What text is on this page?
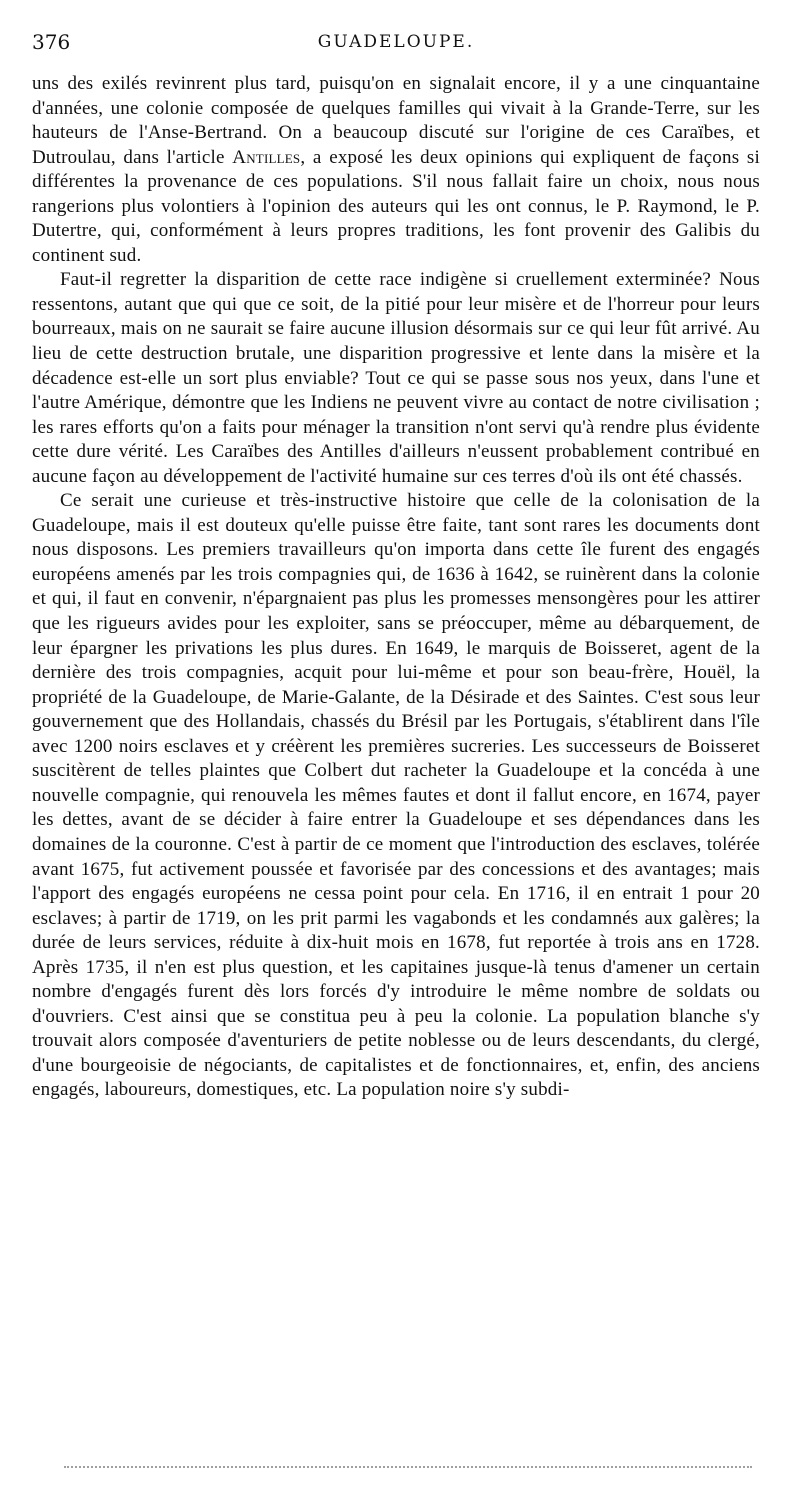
376	GUADELOUPE.

uns des exilés revinrent plus tard, puisqu'on en signalait encore, il y a une cinquantaine d'années, une colonie composée de quelques familles qui vivait à la Grande-Terre, sur les hauteurs de l'Anse-Bertrand. On a beaucoup discuté sur l'origine de ces Caraïbes, et Dutroulau, dans l'article Antilles, a exposé les deux opinions qui expliquent de façons si différentes la provenance de ces populations. S'il nous fallait faire un choix, nous nous rangerions plus volontiers à l'opinion des auteurs qui les ont connus, le P. Raymond, le P. Dutertre, qui, conformément à leurs propres traditions, les font provenir des Galibis du continent sud.

Faut-il regretter la disparition de cette race indigène si cruellement exterminée? Nous ressentons, autant que qui que ce soit, de la pitié pour leur misère et de l'horreur pour leurs bourreaux, mais on ne saurait se faire aucune illusion désormais sur ce qui leur fût arrivé. Au lieu de cette destruction brutale, une disparition progressive et lente dans la misère et la décadence est-elle un sort plus enviable? Tout ce qui se passe sous nos yeux, dans l'une et l'autre Amérique, démontre que les Indiens ne peuvent vivre au contact de notre civilisation ; les rares efforts qu'on a faits pour ménager la transition n'ont servi qu'à rendre plus évidente cette dure vérité. Les Caraïbes des Antilles d'ailleurs n'eussent probablement contribué en aucune façon au développement de l'activité humaine sur ces terres d'où ils ont été chassés.

Ce serait une curieuse et très-instructive histoire que celle de la colonisation de la Guadeloupe, mais il est douteux qu'elle puisse être faite, tant sont rares les documents dont nous disposons. Les premiers travailleurs qu'on importa dans cette île furent des engagés européens amenés par les trois compagnies qui, de 1636 à 1642, se ruinèrent dans la colonie et qui, il faut en convenir, n'épargnaient pas plus les promesses mensongères pour les attirer que les rigueurs avides pour les exploiter, sans se préoccuper, même au débarquement, de leur épargner les privations les plus dures. En 1649, le marquis de Boisseret, agent de la dernière des trois compagnies, acquit pour lui-même et pour son beau-frère, Houël, la propriété de la Guadeloupe, de Marie-Galante, de la Désirade et des Saintes. C'est sous leur gouvernement que des Hollandais, chassés du Brésil par les Portugais, s'établirent dans l'île avec 1200 noirs esclaves et y créèrent les premières sucreries. Les successeurs de Boisseret suscitèrent de telles plaintes que Colbert dut racheter la Guadeloupe et la concéda à une nouvelle compagnie, qui renouvela les mêmes fautes et dont il fallut encore, en 1674, payer les dettes, avant de se décider à faire entrer la Guadeloupe et ses dépendances dans les domaines de la couronne. C'est à partir de ce moment que l'introduction des esclaves, tolérée avant 1675, fut activement poussée et favorisée par des concessions et des avantages; mais l'apport des engagés européens ne cessa point pour cela. En 1716, il en entrait 1 pour 20 esclaves; à partir de 1719, on les prit parmi les vagabonds et les condamnés aux galères; la durée de leurs services, réduite à dix-huit mois en 1678, fut reportée à trois ans en 1728. Après 1735, il n'en est plus question, et les capitaines jusque-là tenus d'amener un certain nombre d'engagés furent dès lors forcés d'y introduire le même nombre de soldats ou d'ouvriers. C'est ainsi que se constitua peu à peu la colonie. La population blanche s'y trouvait alors composée d'aventuriers de petite noblesse ou de leurs descendants, du clergé, d'une bourgeoisie de négociants, de capitalistes et de fonctionnaires, et, enfin, des anciens engagés, laboureurs, domestiques, etc. La population noire s'y subdi-
